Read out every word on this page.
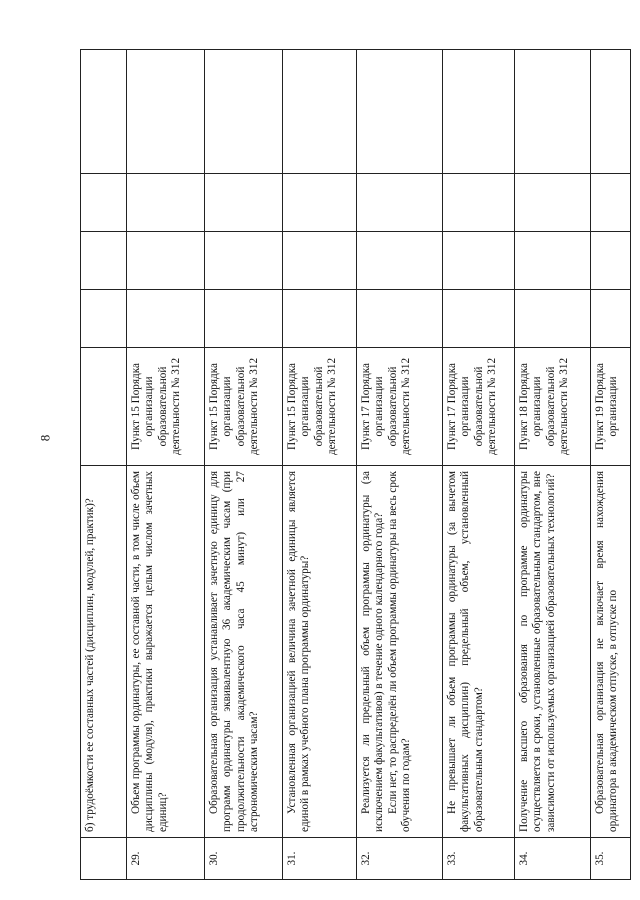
8

	б) трудоёмкости ее составных частей (дисциплин, модулей, практик)?					

29.	Объем программы ординатуры, ее составной части, в том числе объем дисциплины (модуля), практики выражается целым числом зачетных единиц?	Пункт 15 Порядка организации образовательной деятельности № 312				
30.	Образовательная организация устанавливает зачетную единицу для программ ординатуры эквивалентную 36 академическим часам (при продолжительности академического часа 45 минут) или 27 астрономическим часам?	Пункт 15 Порядка организации образовательной деятельности № 312				
31.	Установленная организацией величина зачетной единицы является единой в рамках учебного плана программы ординатуры?	Пункт 15 Порядка организации образовательной деятельности № 312				
32.	Реализуется ли предельный объем программы ординатуры (за исключением факультативов) в течение одного календарного года? Если нет, то распределён ли объем программы ординатуры на весь срок обучения по годам?	Пункт 17 Порядка организации образовательной деятельности № 312				
33.	Не превышает ли объем программы ординатуры (за вычетом факультативных дисциплин) предельный объем, установленный образовательным стандартом?	Пункт 17 Порядка организации образовательной деятельности № 312				
34.	Получение высшего образования по программе ординатуры осуществляется в сроки, установленные образовательным стандартом, вне зависимости от используемых организацией образовательных технологий?	Пункт 18 Порядка организации образовательной деятельности № 312				
35.	Образовательная организация не включает время нахождения ординатора в академическом отпуске, в отпуске по	Пункт 19 Порядка организации				
